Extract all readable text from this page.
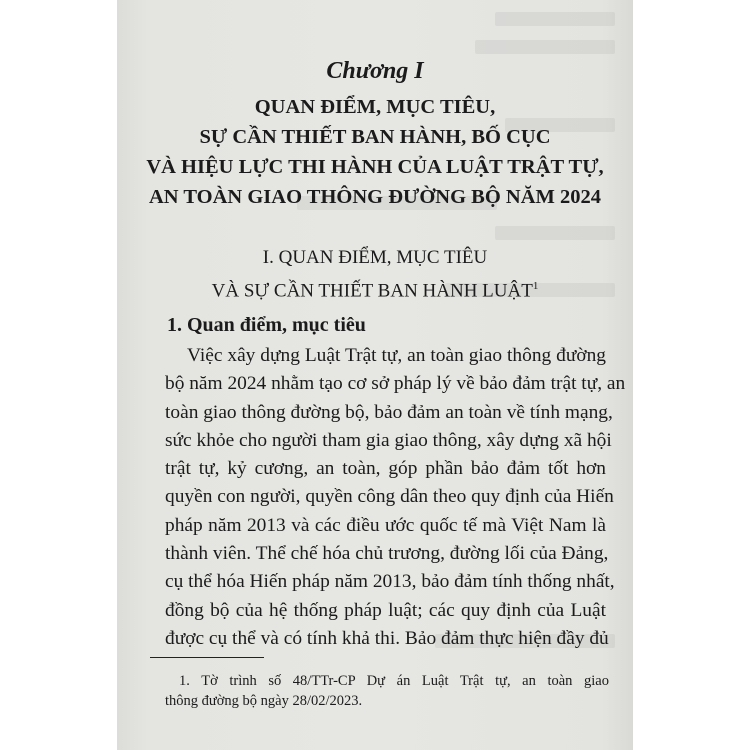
Chương I
QUAN ĐIỂM, MỤC TIÊU,
SỰ CẦN THIẾT BAN HÀNH, BỐ CỤC
VÀ HIỆU LỰC THI HÀNH CỦA LUẬT TRẬT TỰ,
AN TOÀN GIAO THÔNG ĐƯỜNG BỘ NĂM 2024
I. QUAN ĐIỂM, MỤC TIÊU
VÀ SỰ CẦN THIẾT BAN HÀNH LUẬT$^1$
1. Quan điểm, mục tiêu
Việc xây dựng Luật Trật tự, an toàn giao thông đường
bộ năm 2024 nhằm tạo cơ sở pháp lý về bảo đảm trật tự, an
toàn giao thông đường bộ, bảo đảm an toàn về tính mạng,
sức khỏe cho người tham gia giao thông, xây dựng xã hội
trật tự, kỷ cương, an toàn, góp phần bảo đảm tốt hơn
quyền con người, quyền công dân theo quy định của Hiến
pháp năm 2013 và các điều ước quốc tế mà Việt Nam là
thành viên. Thể chế hóa chủ trương, đường lối của Đảng,
cụ thể hóa Hiến pháp năm 2013, bảo đảm tính thống nhất,
đồng bộ của hệ thống pháp luật; các quy định của Luật
được cụ thể và có tính khả thi. Bảo đảm thực hiện đầy đủ
1. Tờ trình số 48/TTr-CP Dự án Luật Trật tự, an toàn giao
thông đường bộ ngày 28/02/2023.
